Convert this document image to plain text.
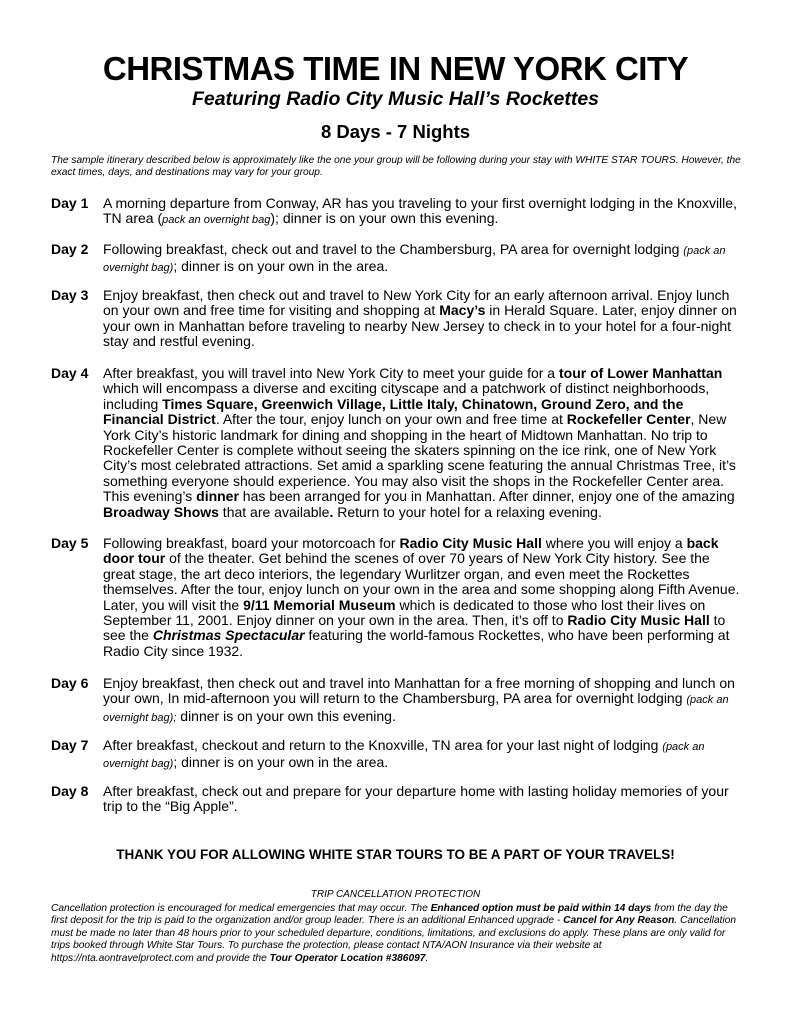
CHRISTMAS TIME IN NEW YORK CITY
Featuring Radio City Music Hall’s Rockettes
8 Days - 7 Nights
The sample itinerary described below is approximately like the one your group will be following during your stay with WHITE STAR TOURS. However, the exact times, days, and destinations may vary for your group.
Day 1 A morning departure from Conway, AR has you traveling to your first overnight lodging in the Knoxville, TN area (pack an overnight bag); dinner is on your own this evening.
Day 2 Following breakfast, check out and travel to the Chambersburg, PA area for overnight lodging (pack an overnight bag); dinner is on your own in the area.
Day 3 Enjoy breakfast, then check out and travel to New York City for an early afternoon arrival. Enjoy lunch on your own and free time for visiting and shopping at Macy’s in Herald Square. Later, enjoy dinner on your own in Manhattan before traveling to nearby New Jersey to check in to your hotel for a four-night stay and restful evening.
Day 4 After breakfast, you will travel into New York City to meet your guide for a tour of Lower Manhattan which will encompass a diverse and exciting cityscape and a patchwork of distinct neighborhoods, including Times Square, Greenwich Village, Little Italy, Chinatown, Ground Zero, and the Financial District. After the tour, enjoy lunch on your own and free time at Rockefeller Center, New York City’s historic landmark for dining and shopping in the heart of Midtown Manhattan. No trip to Rockefeller Center is complete without seeing the skaters spinning on the ice rink, one of New York City’s most celebrated attractions. Set amid a sparkling scene featuring the annual Christmas Tree, it’s something everyone should experience. You may also visit the shops in the Rockefeller Center area. This evening’s dinner has been arranged for you in Manhattan. After dinner, enjoy one of the amazing Broadway Shows that are available. Return to your hotel for a relaxing evening.
Day 5 Following breakfast, board your motorcoach for Radio City Music Hall where you will enjoy a back door tour of the theater. Get behind the scenes of over 70 years of New York City history. See the great stage, the art deco interiors, the legendary Wurlitzer organ, and even meet the Rockettes themselves. After the tour, enjoy lunch on your own in the area and some shopping along Fifth Avenue. Later, you will visit the 9/11 Memorial Museum which is dedicated to those who lost their lives on September 11, 2001. Enjoy dinner on your own in the area. Then, it’s off to Radio City Music Hall to see the Christmas Spectacular featuring the world-famous Rockettes, who have been performing at Radio City since 1932.
Day 6 Enjoy breakfast, then check out and travel into Manhattan for a free morning of shopping and lunch on your own, In mid-afternoon you will return to the Chambersburg, PA area for overnight lodging (pack an overnight bag); dinner is on your own this evening.
Day 7 After breakfast, checkout and return to the Knoxville, TN area for your last night of lodging (pack an overnight bag); dinner is on your own in the area.
Day 8 After breakfast, check out and prepare for your departure home with lasting holiday memories of your trip to the “Big Apple”.
THANK YOU FOR ALLOWING WHITE STAR TOURS TO BE A PART OF YOUR TRAVELS!
TRIP CANCELLATION PROTECTION
Cancellation protection is encouraged for medical emergencies that may occur. The Enhanced option must be paid within 14 days from the day the first deposit for the trip is paid to the organization and/or group leader. There is an additional Enhanced upgrade - Cancel for Any Reason. Cancellation must be made no later than 48 hours prior to your scheduled departure, conditions, limitations, and exclusions do apply. These plans are only valid for trips booked through White Star Tours. To purchase the protection, please contact NTA/AON Insurance via their website at https://nta.aontravelprotect.com and provide the Tour Operator Location #386097.
